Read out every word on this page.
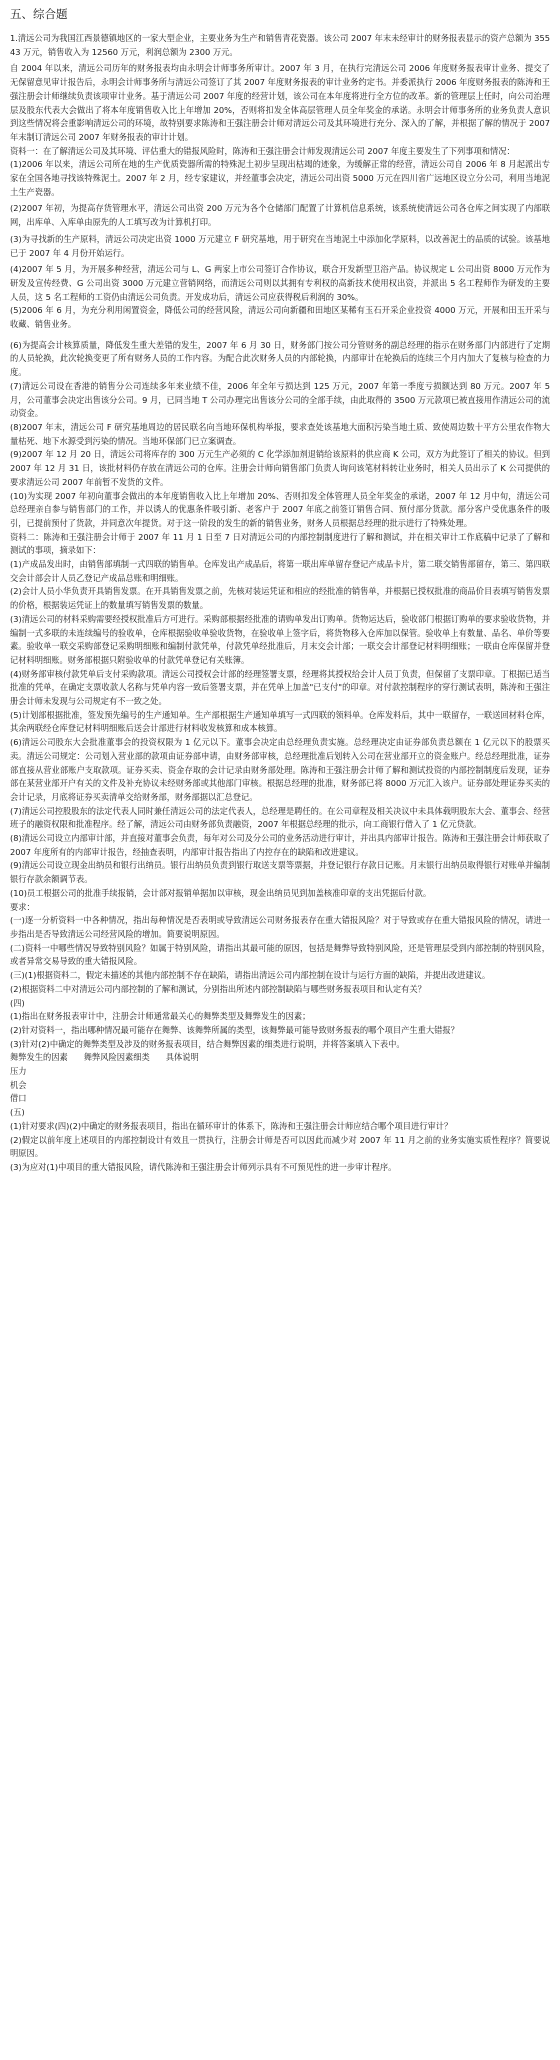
五、综合题

1.清远公司为我国江西景德镇地区的一家大型企业，主要业务为生产和销售青花瓷器。该公司 2007 年末未经审计的财务报表显示的资产总额为 35543 万元，销售收入为 12560 万元，利润总额为 2300 万元。

自 2004 年以来，清远公司历年的财务报表均由永明会计师事务所审计。2007 年 3 月，在执行完清远公司 2006 年度财务报表审计业务、提交了无保留意见审计报告后，永明会计师事务所与清远公司签订了其 2007 年度财务报表的审计业务约定书。并委派执行 2006 年度财务报表的陈涛和王强注册会计师继续负责该项审计业务。基于清远公司 2007 年度的经营计划，该公司在本年度将进行全方位的改革。新的管理层上任时，向公司治理层及股东代表大会做出了将本年度销售收入比上年增加 20%，否则将扣发全体高层管理人员全年奖金的承诺。永明会计师事务所的业务负责人意识到这些情况将会重影响清远公司的环境，故特别要求陈涛和王强注册会计师对清远公司及其环境进行充分、深入的了解，并根据了解的情况于 2007 年末制订清远公司 2007 年财务报表的审计计划。

资料一：在了解清远公司及其环境、评估重大的错报风险时，陈涛和王强注册会计师发现清远公司 2007 年度主要发生了下列事项和情况：

(1)2006 年以来，清远公司所在地的生产优质瓷器所需的特殊泥土初步呈现出枯竭的迹象，为缓解正常的经营，清远公司自 2006 年 8 月起派出专家在全国各地寻找该特殊泥土。2007 年 2 月，经专家建议，并经董事会决定，清远公司出资 5000 万元在四川省广远地区设立分公司，利用当地泥土生产瓷器。

(2)2007 年初，为提高存货管理水平，清远公司出资 200 万元为各个仓储部门配置了计算机信息系统，该系统使清远公司各仓库之间实现了内部联网，出库单、入库单由原先的人工填写改为计算机打印。

(3)为寻找新的生产原料，清远公司决定出资 1000 万元建立 F 研究基地，用于研究在当地泥土中添加化学原料，以改善泥土的品质的试验。该基地已于 2007 年 4 月份开始运行。

(4)2007 年 5 月，为开展多种经营，清远公司与 L、G 两家上市公司签订合作协议，联合开发新型卫浴产品。协议规定 L 公司出资 8000 万元作为研发及宣传经费、G 公司出资 3000 万元建立营销网络，而清远公司则以其拥有专利权的高新技术使用权出资，并派出 5 名工程师作为研发的主要人员，这 5 名工程师的工资仍由清远公司负责。开发成功后，清远公司应获得税后利润的 30%。

(5)2006 年 6 月，为充分利用闲置资金，降低公司的经营风险，清远公司向新疆和田地区某稀有玉石开采企业投资 4000 万元，开展和田玉开采与收藏、销售业务。

(6)为提高会计核算质量，降低发生重大差错的发生，2007 年 6 月 30 日，财务部门按公司分管财务的副总经理的指示在财务部门内部进行了定期的人员轮换，此次轮换变更了所有财务人员的工作内容。为配合此次财务人员的内部轮换，内部审计在轮换后的连续三个月内加大了复核与检查的力度。

(7)清远公司设在香港的销售分公司连续多年来业绩不佳，2006 年全年亏损达到 125 万元，2007 年第一季度亏损额达到 80 万元。2007 年 5 月，公司董事会决定出售该分公司。9 月，已同当地 T 公司办理完出售该分公司的全部手续，由此取得的 3500 万元款项已被直接用作清远公司的流动资金。

(8)2007 年末，清远公司 F 研究基地周边的居民联名向当地环保机构举报，要求查处该基地大面积污染当地土质、致使周边数十平方公里农作物大量枯死、地下水源受到污染的情况。当地环保部门已立案调查。

(9)2007 年 12 月 20 日，清远公司将库存的 300 万元生产必须的 C 化学添加剂退销给该原料的供应商 K 公司，双方为此签订了相关的协议。但到 2007 年 12 月 31 日，该批材料仍存放在清远公司的仓库。注册会计师向销售部门负责人询问该笔材料转让业务时，相关人员出示了 K 公司提供的要求清远公司 2007 年前暂不发货的文件。

(10)为实现 2007 年初向董事会做出的本年度销售收入比上年增加 20%、否则扣发全体管理人员全年奖金的承诺，2007 年 12 月中旬，清远公司总经理亲自参与销售部门的工作，并以诱人的优惠条件吸引新、老客户于 2007 年底之前签订销售合同、预付部分货款。部分客户受优惠条件的吸引，已提前预付了货款，并同意次年提货。对于这一阶段的发生的新的销售业务，财务人员根据总经理的批示进行了特殊处理。

资料二：陈涛和王强注册会计师于 2007 年 11 月 1 日至 7 日对清远公司的内部控制制度进行了解和测试，并在相关审计工作底稿中记录了了解和测试的事项，摘录如下：

(1)产成品发出时，由销售部填制一式四联的销售单。仓库发出产成品后，将第一联出库单留存登记产成品卡片，第二联交销售部留存，第三、第四联交会计部会计人员乙登记产成品总账和明细账。

(2)会计人员小华负责开具销售发票。在开具销售发票之前，先核对装运凭证和相应的经批准的销售单，并根据已授权批准的商品价目表填写销售发票的价格，根据装运凭证上的数量填写销售发票的数量。

(3)清远公司的材料采购需要经授权批准后方可进行。采购部根据经批准的请购单发出订购单。货物运达后，验收部门根据订购单的要求验收货物，并编制一式多联的未连续编号的验收单，仓库根据验收单验收货物，在验收单上签字后，将货物移入仓库加以保管。验收单上有数量、品名、单价等要素。验收单一联交采购部登记采购明细账和编制付款凭单，付款凭单经批准后，月末交会计部；一联交会计部登记材料明细账；一联由仓库保留并登记材料明细账。财务部根据只附验收单的付款凭单登记有关账簿。

(4)财务部审核付款凭单后支付采购款项。清远公司授权会计部的经理签署支票，经理将其授权给会计人员丁负责，但保留了支票印章。丁根据已适当批准的凭单，在确定支票收款人名称与凭单内容一致后签署支票，并在凭单上加盖"已支付"的印章。对付款控制程序的穿行测试表明，陈涛和王强注册会计师未发现与公司规定有不一致之处。

(5)计划部根据批准，签发预先编号的生产通知单。生产部根据生产通知单填写一式四联的领料单。仓库发料后，其中一联留存，一联送回材料仓库，其余两联经仓库登记材料明细账后送会计部进行材料收发核算和成本核算。

(6)清远公司股东大会批准董事会的投资权限为 1 亿元以下。董事会决定由总经理负责实施。总经理决定由证券部负责总额在 1 亿元以下的股票买卖。清远公司规定：公司划入营业部的款项由证券部申请，由财务部审核，总经理批准后划转入公司在营业部开立的资金账户。经总经理批准，证券部直接从营业部账户支取款项。证券买卖、资金存取的会计记录由财务部处理。陈涛和王强注册会计师了解和测试投资的内部控制制度后发现，证券部在某营业部开户有关的文件及补充协议未经财务部或其他部门审核。根据总经理的批准，财务部已将 8000 万元汇入该户。证券部处理证券买卖的会计记录，月底将证券买卖清单交给财务部，财务部据以汇总登记。

(7)清远公司控股股东的法定代表人同时兼任清远公司的法定代表人，总经理是聘任的。在公司章程及相关决议中未具体载明股东大会、董事会、经营班子的融资权限和批准程序。经了解，清远公司由财务部负责融资，2007 年根据总经理的批示，向工商银行借入了 1 亿元贷款。

(8)清远公司设立内部审计部，并直接对董事会负责，每年对公司及分公司的业务活动进行审计，并出具内部审计报告。陈涛和王强注册会计师获取了 2007 年度所有的内部审计报告，经抽查表明，内部审计报告指出了内控存在的缺陷和改进建议。

(9)清远公司设立现金出纳员和银行出纳员。银行出纳员负责到银行取送支票等票据，并登记银行存款日记账。月末银行出纳员取得银行对账单并编制银行存款余额调节表。

(10)员工根据公司的批准手续报销，会计部对报销单据加以审核，现金出纳员见到加盖核准印章的支出凭据后付款。

要求：

(一)逐一分析资料一中各种情况，指出每种情况是否表明或导致清远公司财务报表存在重大错报风险？对于导致或存在重大错报风险的情况，请进一步指出是否导致清远公司经营风险的增加。简要说明原因。

(二)资料一中哪些情况导致特别风险？如属于特别风险，请指出其最可能的原因，包括是舞弊导致特别风险，还是管理层受到内部控制的特别风险，或者异常交易导致的重大错报风险。

(三)(1)根据资料二，假定未描述的其他内部控制不存在缺陷，请指出清远公司内部控制在设计与运行方面的缺陷，并提出改进建议。

(2)根据资料二中对清远公司内部控制的了解和测试，分别指出所述内部控制缺陷与哪些财务报表项目和认定有关？

(四)

(1)指出在财务报表审计中，注册会计师通常最关心的舞弊类型及舞弊发生的因素；

(2)针对资料一，指出哪种情况最可能存在舞弊、该舞弊所属的类型，该舞弊最可能导致财务报表的哪个项目产生重大错报？

(3)针对(2)中确定的舞弊类型及涉及的财务报表项目，结合舞弊因素的细类进行说明，并将答案填入下表中。

舞弊发生的因素 舞弊风险因素细类 具体说明
压力
机会
借口

(五)

(1)针对要求(四)(2)中确定的财务报表项目，指出在循环审计的体系下，陈涛和王强注册会计师应结合哪个项目进行审计？

(2)假定以前年度上述项目的内部控制设计有效且一贯执行，注册会计师是否可以因此而减少对 2007 年 11 月之前的业务实施实质性程序？简要说明原因。

(3)为应对(1)中项目的重大错报风险，请代陈涛和王强注册会计师列示具有不可预见性的进一步审计程序。
